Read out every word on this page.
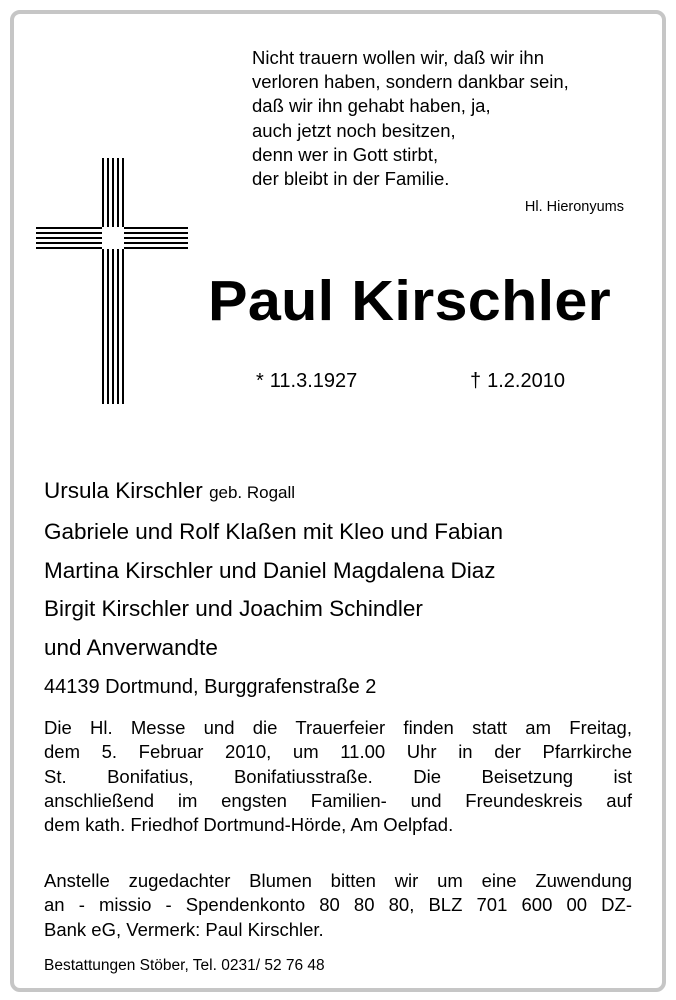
Nicht trauern wollen wir, daß wir ihn
verloren haben, sondern dankbar sein,
daß wir ihn gehabt haben, ja,
auch jetzt noch besitzen,
denn wer in Gott stirbt,
der bleibt in der Familie.
Hl. Hieronyums
Paul Kirschler
* 11.3.1927	† 1.2.2010
Ursula Kirschler geb. Rogall
Gabriele und Rolf Klaßen mit Kleo und Fabian
Martina Kirschler und Daniel Magdalena Diaz
Birgit Kirschler und Joachim Schindler
und Anverwandte
44139 Dortmund, Burggrafenstraße 2
Die Hl. Messe und die Trauerfeier finden statt am Freitag,
dem 5. Februar 2010, um 11.00 Uhr in der Pfarrkirche
St. Bonifatius, Bonifatiusstraße. Die Beisetzung ist
anschließend im engsten Familien- und Freundeskreis auf
dem kath. Friedhof Dortmund-Hörde, Am Oelpfad.
Anstelle zugedachter Blumen bitten wir um eine Zuwendung
an - missio - Spendenkonto 80 80 80, BLZ 701 600 00 DZ-
Bank eG, Vermerk: Paul Kirschler.
Bestattungen Stöber, Tel. 0231/ 52 76 48
